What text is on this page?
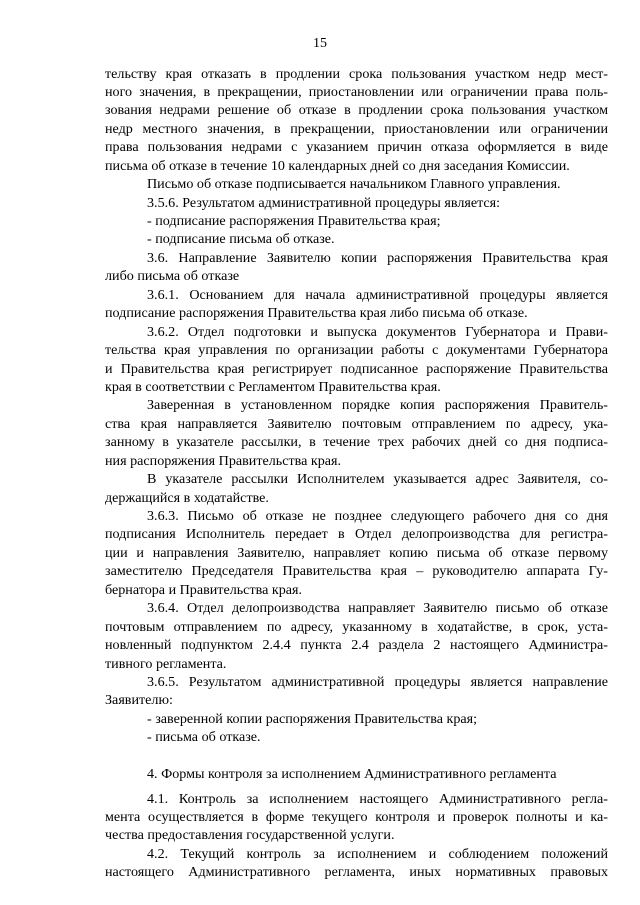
15
тельству края отказать в продлении срока пользования участком недр мест-
ного значения, в прекращении, приостановлении или ограничении права поль-
зования недрами решение об отказе в продлении срока пользования участком
недр местного значения, в прекращении, приостановлении или ограничении
права пользования недрами с указанием причин отказа оформляется в виде
письма об отказе в течение 10 календарных дней со дня заседания Комиссии.
Письмо об отказе подписывается начальником Главного управления.
3.5.6. Результатом административной процедуры является:
- подписание распоряжения Правительства края;
- подписание письма об отказе.
3.6. Направление Заявителю копии распоряжения Правительства края
либо письма об отказе
3.6.1. Основанием для начала административной процедуры является
подписание распоряжения Правительства края либо письма об отказе.
3.6.2. Отдел подготовки и выпуска документов Губернатора и Прави-
тельства края управления по организации работы с документами Губернатора
и Правительства края регистрирует подписанное распоряжение Правительства
края в соответствии с Регламентом Правительства края.
Заверенная в установленном порядке копия распоряжения Правитель-
ства края направляется Заявителю почтовым отправлением по адресу, ука-
занному в указателе рассылки, в течение трех рабочих дней со дня подписа-
ния распоряжения Правительства края.
В указателе рассылки Исполнителем указывается адрес Заявителя, со-
держащийся в ходатайстве.
3.6.3. Письмо об отказе не позднее следующего рабочего дня со дня
подписания Исполнитель передает в Отдел делопроизводства для регистра-
ции и направления Заявителю, направляет копию письма об отказе первому
заместителю Председателя Правительства края – руководителю аппарата Гу-
бернатора и Правительства края.
3.6.4. Отдел делопроизводства направляет Заявителю письмо об отказе
почтовым отправлением по адресу, указанному в ходатайстве, в срок, уста-
новленный подпунктом 2.4.4 пункта 2.4 раздела 2 настоящего Администра-
тивного регламента.
3.6.5. Результатом административной процедуры является направление
Заявителю:
- заверенной копии распоряжения Правительства края;
- письма об отказе.
4. Формы контроля за исполнением Административного регламента
4.1. Контроль за исполнением настоящего Административного регла-
мента осуществляется в форме текущего контроля и проверок полноты и ка-
чества предоставления государственной услуги.
4.2. Текущий контроль за исполнением и соблюдением положений
настоящего Административного регламента, иных нормативных правовых
